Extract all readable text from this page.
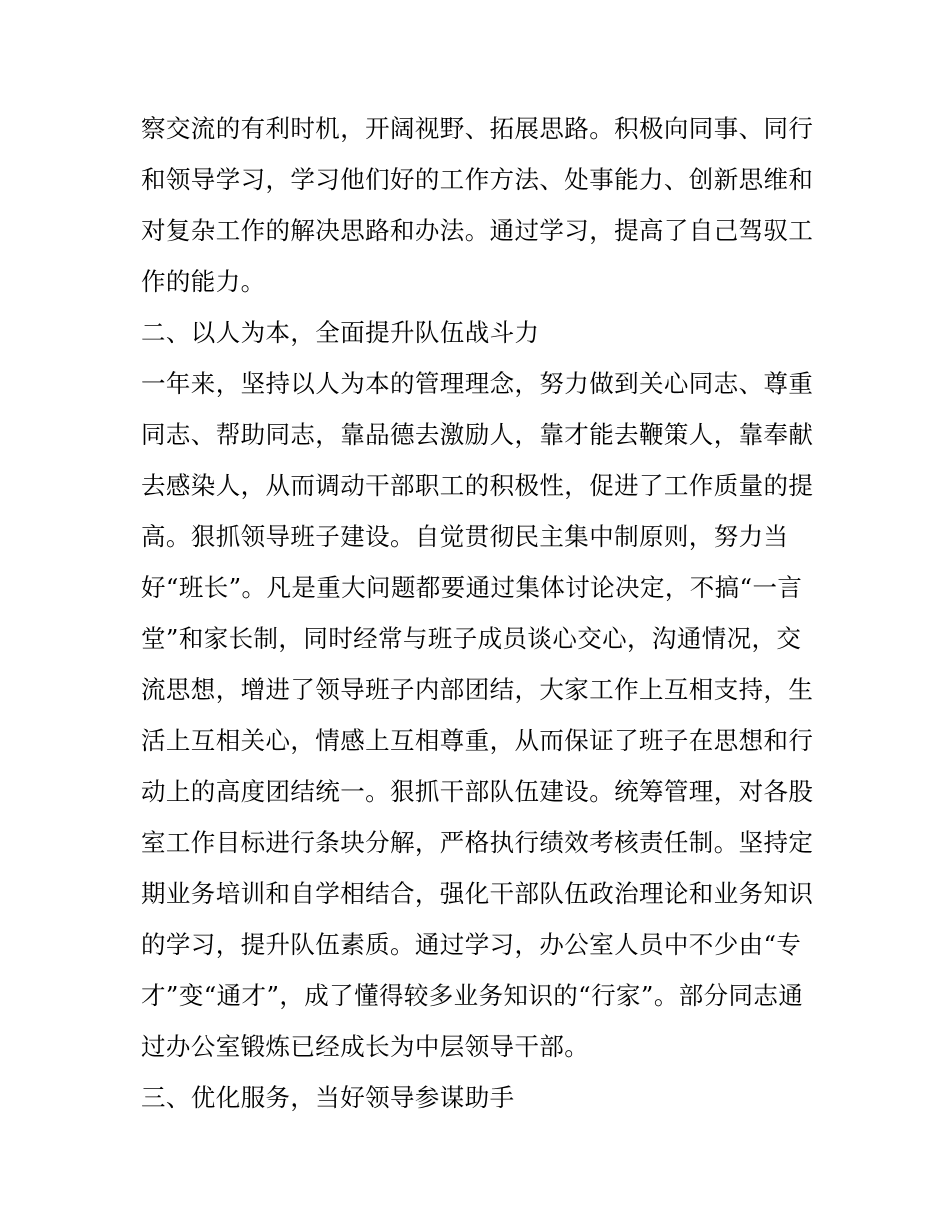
察交流的有利时机，开阔视野、拓展思路。积极向同事、同行
和领导学习，学习他们好的工作方法、处事能力、创新思维和
对复杂工作的解决思路和办法。通过学习，提高了自己驾驭工
作的能力。
二、以人为本，全面提升队伍战斗力
一年来，坚持以人为本的管理理念，努力做到关心同志、尊重
同志、帮助同志，靠品德去激励人，靠才能去鞭策人，靠奉献
去感染人，从而调动干部职工的积极性，促进了工作质量的提
高。狠抓领导班子建设。自觉贯彻民主集中制原则，努力当
好“班长”。凡是重大问题都要通过集体讨论决定，不搞“一言
堂”和家长制，同时经常与班子成员谈心交心，沟通情况，交
流思想，增进了领导班子内部团结，大家工作上互相支持，生
活上互相关心，情感上互相尊重，从而保证了班子在思想和行
动上的高度团结统一。狠抓干部队伍建设。统筹管理，对各股
室工作目标进行条块分解，严格执行绩效考核责任制。坚持定
期业务培训和自学相结合，强化干部队伍政治理论和业务知识
的学习，提升队伍素质。通过学习，办公室人员中不少由“专
才”变“通才”，成了懂得较多业务知识的“行家”。部分同志通
过办公室锻炼已经成长为中层领导干部。
三、优化服务，当好领导参谋助手
